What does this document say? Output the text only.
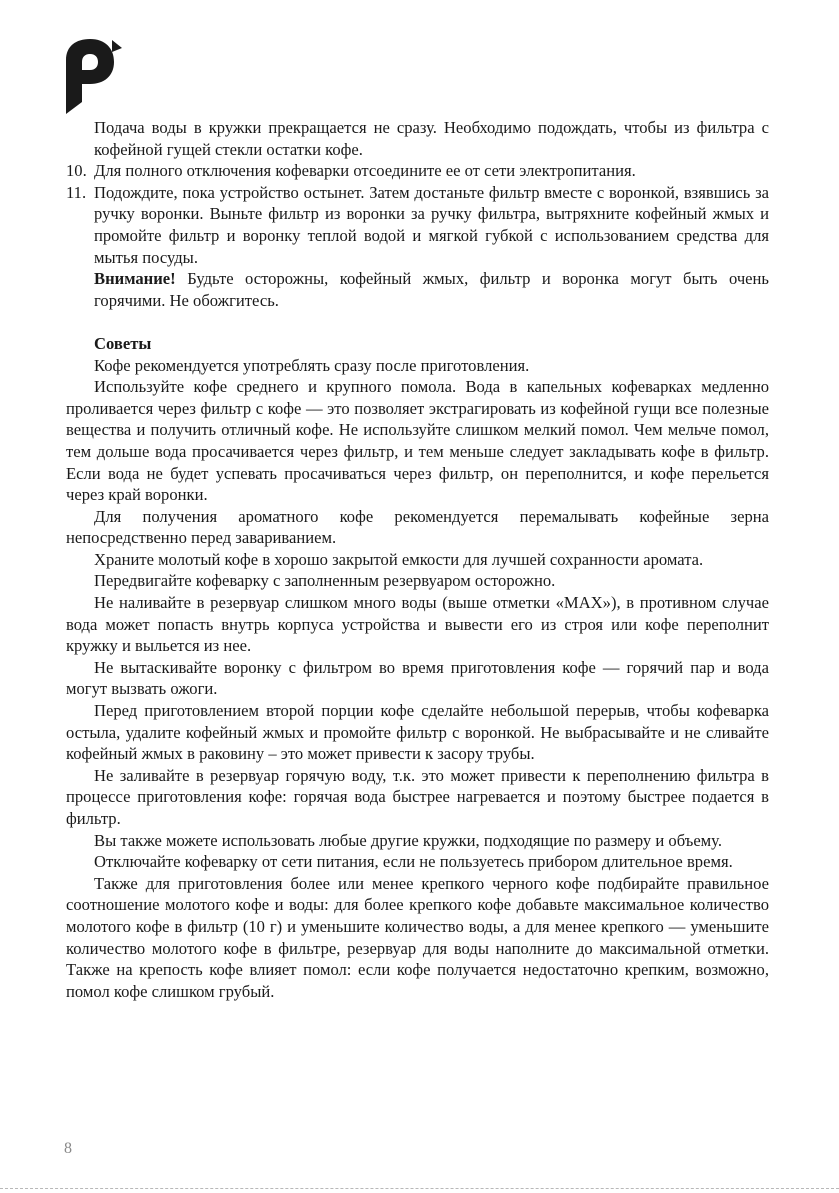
Подача воды в кружки прекращается не сразу. Необходимо подождать, чтобы из фильтра с кофейной гущей стекли остатки кофе.

10. Для полного отключения кофеварки отсоедините ее от сети электропитания.
11. Подождите, пока устройство остынет. Затем достаньте фильтр вместе с воронкой, взявшись за ручку воронки. Выньте фильтр из воронки за ручку фильтра, вытряхните кофейный жмых и промойте фильтр и воронку теплой водой и мягкой губкой с использованием средства для мытья посуды.

Внимание! Будьте осторожны, кофейный жмых, фильтр и воронка могут быть очень горячими. Не обожгитесь.

Советы

Кофе рекомендуется употреблять сразу после приготовления.

Используйте кофе среднего и крупного помола. Вода в капельных кофеварках медленно проливается через фильтр с кофе — это позволяет экстрагировать из кофейной гущи все полезные вещества и получить отличный кофе. Не используйте слишком мелкий помол. Чем мельче помол, тем дольше вода просачивается через фильтр, и тем меньше следует закладывать кофе в фильтр. Если вода не будет успевать просачиваться через фильтр, он переполнится, и кофе перельется через край воронки.

Для получения ароматного кофе рекомендуется перемалывать кофейные зерна непосредственно перед завариванием.

Храните молотый кофе в хорошо закрытой емкости для лучшей сохранности аромата.

Передвигайте кофеварку с заполненным резервуаром осторожно.

Не наливайте в резервуар слишком много воды (выше отметки «MAX»), в противном случае вода может попасть внутрь корпуса устройства и вывести его из строя или кофе переполнит кружку и выльется из нее.

Не вытаскивайте воронку с фильтром во время приготовления кофе — горячий пар и вода могут вызвать ожоги.

Перед приготовлением второй порции кофе сделайте небольшой перерыв, чтобы кофеварка остыла, удалите кофейный жмых и промойте фильтр с воронкой. Не выбрасывайте и не сливайте кофейный жмых в раковину – это может привести к засору трубы.

Не заливайте в резервуар горячую воду, т.к. это может привести к переполнению фильтра в процессе приготовления кофе: горячая вода быстрее нагревается и поэтому быстрее подается в фильтр.

Вы также можете использовать любые другие кружки, подходящие по размеру и объему.

Отключайте кофеварку от сети питания, если не пользуетесь прибором длительное время.

Также для приготовления более или менее крепкого черного кофе подбирайте правильное соотношение молотого кофе и воды: для более крепкого кофе добавьте максимальное количество молотого кофе в фильтр (10 г) и уменьшите количество воды, а для менее крепкого — уменьшите количество молотого кофе в фильтре, резервуар для воды наполните до максимальной отметки. Также на крепость кофе влияет помол: если кофе получается недостаточно крепким, возможно, помол кофе слишком грубый.

8
